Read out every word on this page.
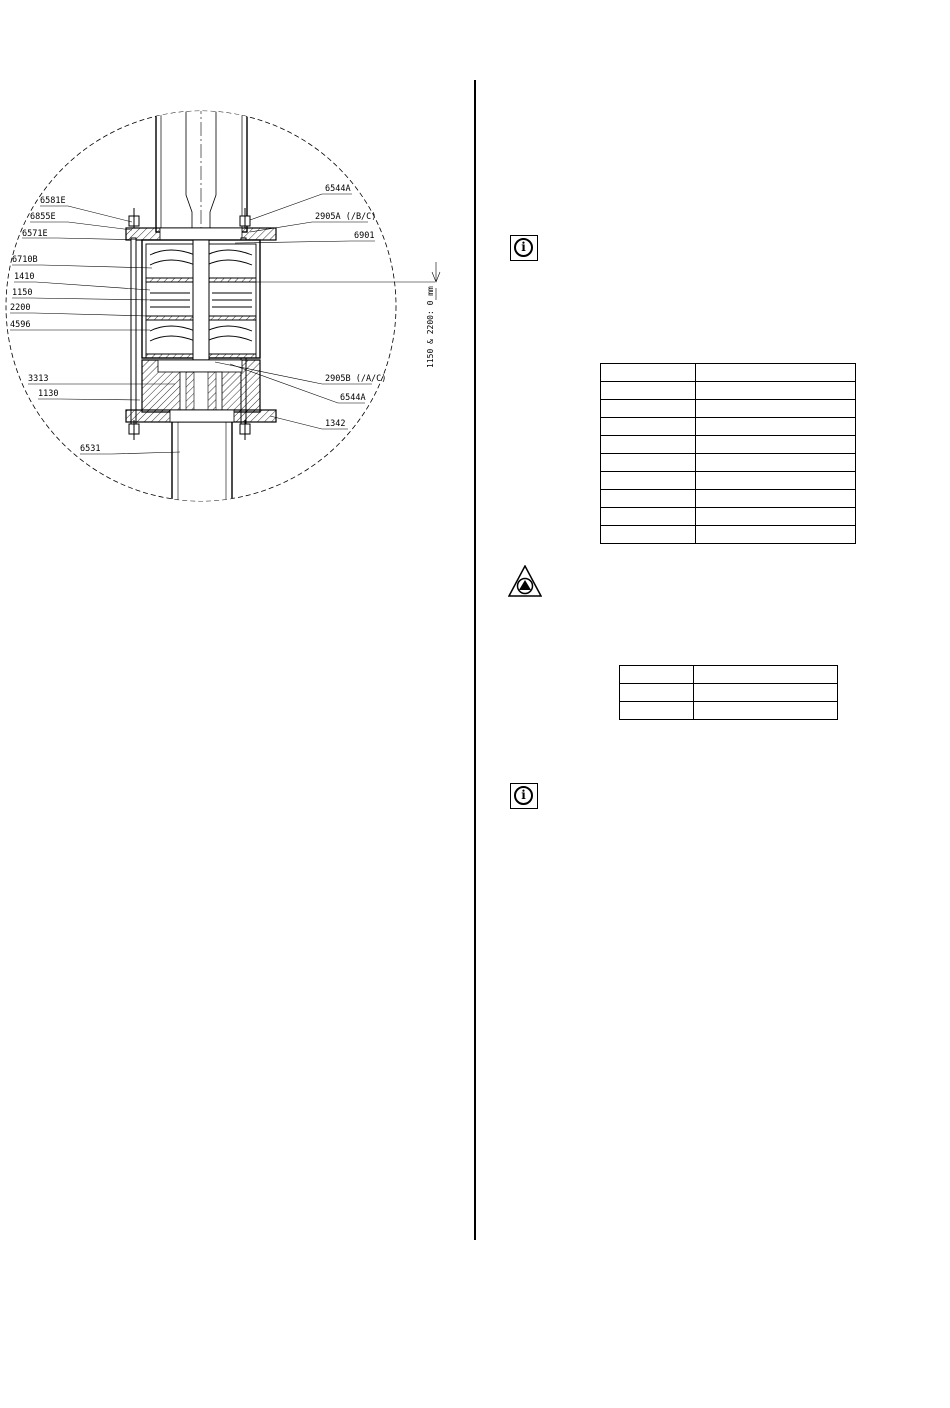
6581E
6855E
6571E
6710B
1410
1150
2200
4596
3313
1130
6531
6544A
2905A (/B/C)
6901
2905B (/A/C)
6544A
1342
1150 & 2200: 0 mm
i

i
